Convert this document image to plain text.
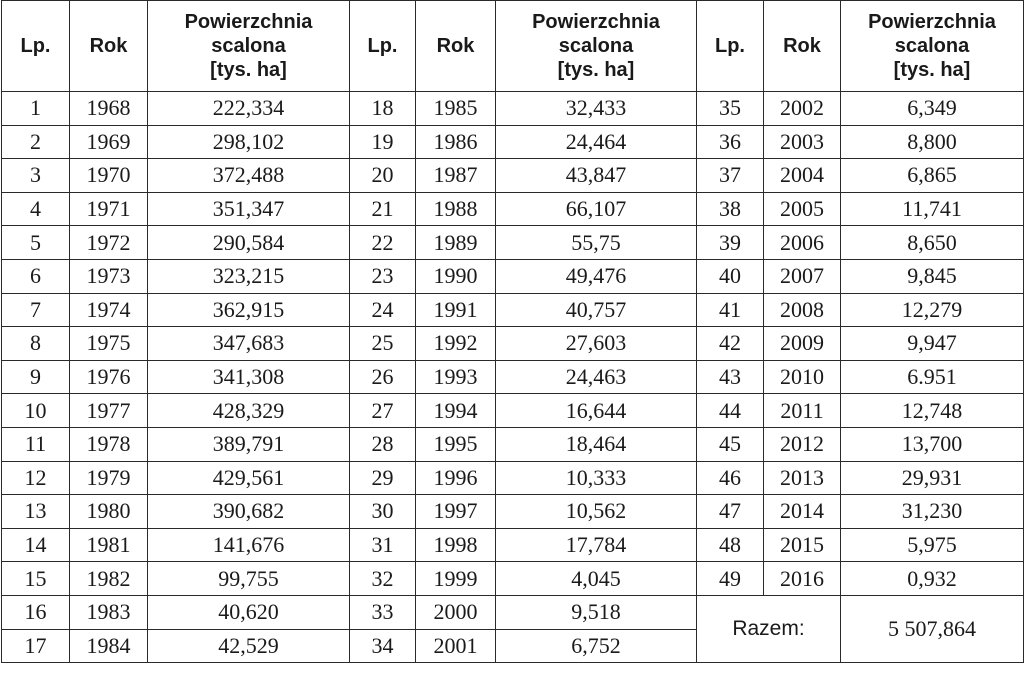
Lp.	Rok	Powierzchnia
scalona
[tys. ha]	Lp.	Rok	Powierzchnia
scalona
[tys. ha]	Lp.	Rok	Powierzchnia
scalona
[tys. ha]
1	1968	222,334	18	1985	32,433	35	2002	6,349
2	1969	298,102	19	1986	24,464	36	2003	8,800
3	1970	372,488	20	1987	43,847	37	2004	6,865
4	1971	351,347	21	1988	66,107	38	2005	11,741
5	1972	290,584	22	1989	55,75	39	2006	8,650
6	1973	323,215	23	1990	49,476	40	2007	9,845
7	1974	362,915	24	1991	40,757	41	2008	12,279
8	1975	347,683	25	1992	27,603	42	2009	9,947
9	1976	341,308	26	1993	24,463	43	2010	6.951
10	1977	428,329	27	1994	16,644	44	2011	12,748
11	1978	389,791	28	1995	18,464	45	2012	13,700
12	1979	429,561	29	1996	10,333	46	2013	29,931
13	1980	390,682	30	1997	10,562	47	2014	31,230
14	1981	141,676	31	1998	17,784	48	2015	5,975
15	1982	99,755	32	1999	4,045	49	2016	0,932
16	1983	40,620	33	2000	9,518	Razem:		5 507,864
17	1984	42,529	34	2001	6,752			
